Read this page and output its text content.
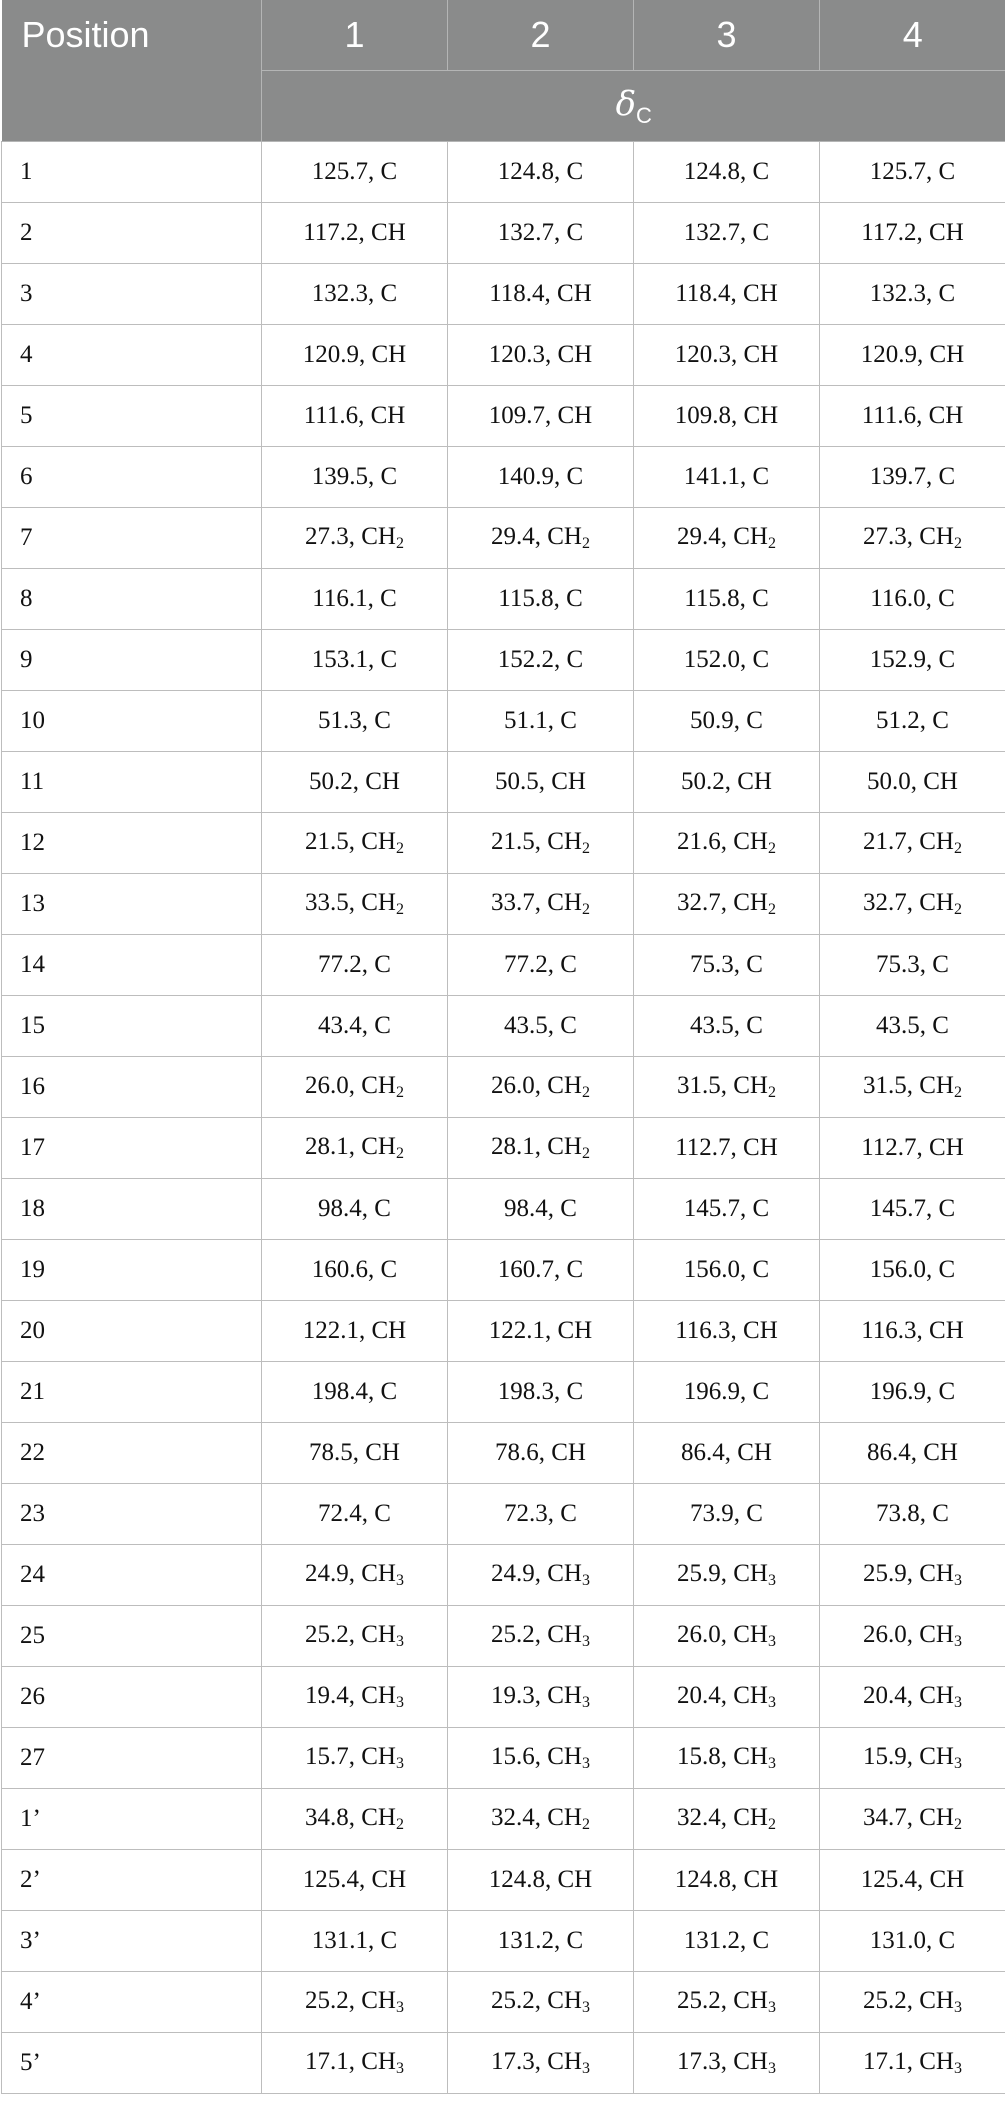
Position	1	2	3	4
	$\delta_C$
1	125.7, C	124.8, C	124.8, C	125.7, C
2	117.2, CH	132.7, C	132.7, C	117.2, CH
3	132.3, C	118.4, CH	118.4, CH	132.3, C
4	120.9, CH	120.3, CH	120.3, CH	120.9, CH
5	111.6, CH	109.7, CH	109.8, CH	111.6, CH
6	139.5, C	140.9, C	141.1, C	139.7, C
7	27.3, $CH_2$	29.4, $CH_2$	29.4, $CH_2$	27.3, $CH_2$
8	116.1, C	115.8, C	115.8, C	116.0, C
9	153.1, C	152.2, C	152.0, C	152.9, C
10	51.3, C	51.1, C	50.9, C	51.2, C
11	50.2, CH	50.5, CH	50.2, CH	50.0, CH
12	21.5, $CH_2$	21.5, $CH_2$	21.6, $CH_2$	21.7, $CH_2$
13	33.5, $CH_2$	33.7, $CH_2$	32.7, $CH_2$	32.7, $CH_2$
14	77.2, C	77.2, C	75.3, C	75.3, C
15	43.4, C	43.5, C	43.5, C	43.5, C
16	26.0, $CH_2$	26.0, $CH_2$	31.5, $CH_2$	31.5, $CH_2$
17	28.1, $CH_2$	28.1, $CH_2$	112.7, CH	112.7, CH
18	98.4, C	98.4, C	145.7, C	145.7, C
19	160.6, C	160.7, C	156.0, C	156.0, C
20	122.1, CH	122.1, CH	116.3, CH	116.3, CH
21	198.4, C	198.3, C	196.9, C	196.9, C
22	78.5, CH	78.6, CH	86.4, CH	86.4, CH
23	72.4, C	72.3, C	73.9, C	73.8, C
24	24.9, $CH_3$	24.9, $CH_3$	25.9, $CH_3$	25.9, $CH_3$
25	25.2, $CH_3$	25.2, $CH_3$	26.0, $CH_3$	26.0, $CH_3$
26	19.4, $CH_3$	19.3, $CH_3$	20.4, $CH_3$	20.4, $CH_3$
27	15.7, $CH_3$	15.6, $CH_3$	15.8, $CH_3$	15.9, $CH_3$
1’	34.8, $CH_2$	32.4, $CH_2$	32.4, $CH_2$	34.7, $CH_2$
2’	125.4, CH	124.8, CH	124.8, CH	125.4, CH
3’	131.1, C	131.2, C	131.2, C	131.0, C
4’	25.2, $CH_3$	25.2, $CH_3$	25.2, $CH_3$	25.2, $CH_3$
5’	17.1, $CH_3$	17.3, $CH_3$	17.3, $CH_3$	17.1, $CH_3$
